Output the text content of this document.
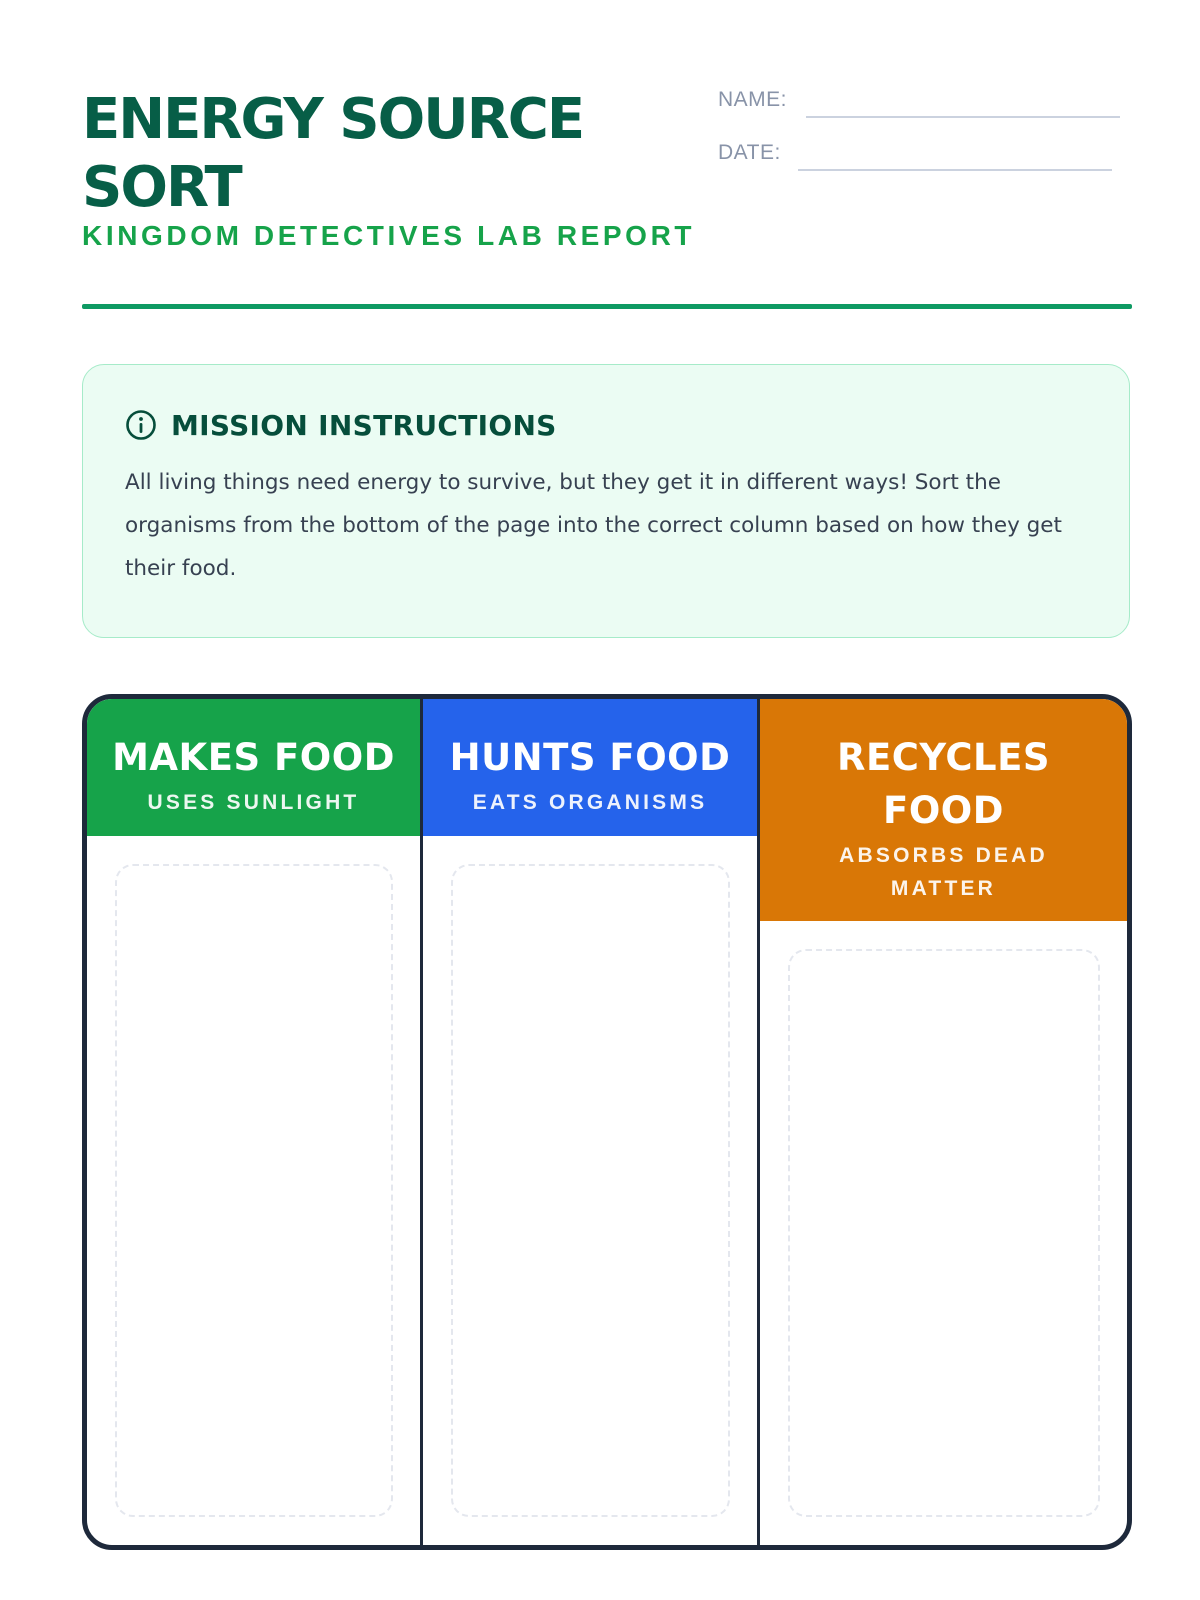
ENERGY SOURCE SORT
KINGDOM DETECTIVES LAB REPORT
NAME:
DATE:
MISSION INSTRUCTIONS
All living things need energy to survive, but they get it in different ways! Sort the organisms from the bottom of the page into the correct column based on how they get their food.
MAKES FOOD
USES SUNLIGHT
HUNTS FOOD
EATS ORGANISMS
RECYCLES FOOD
ABSORBS DEAD MATTER
